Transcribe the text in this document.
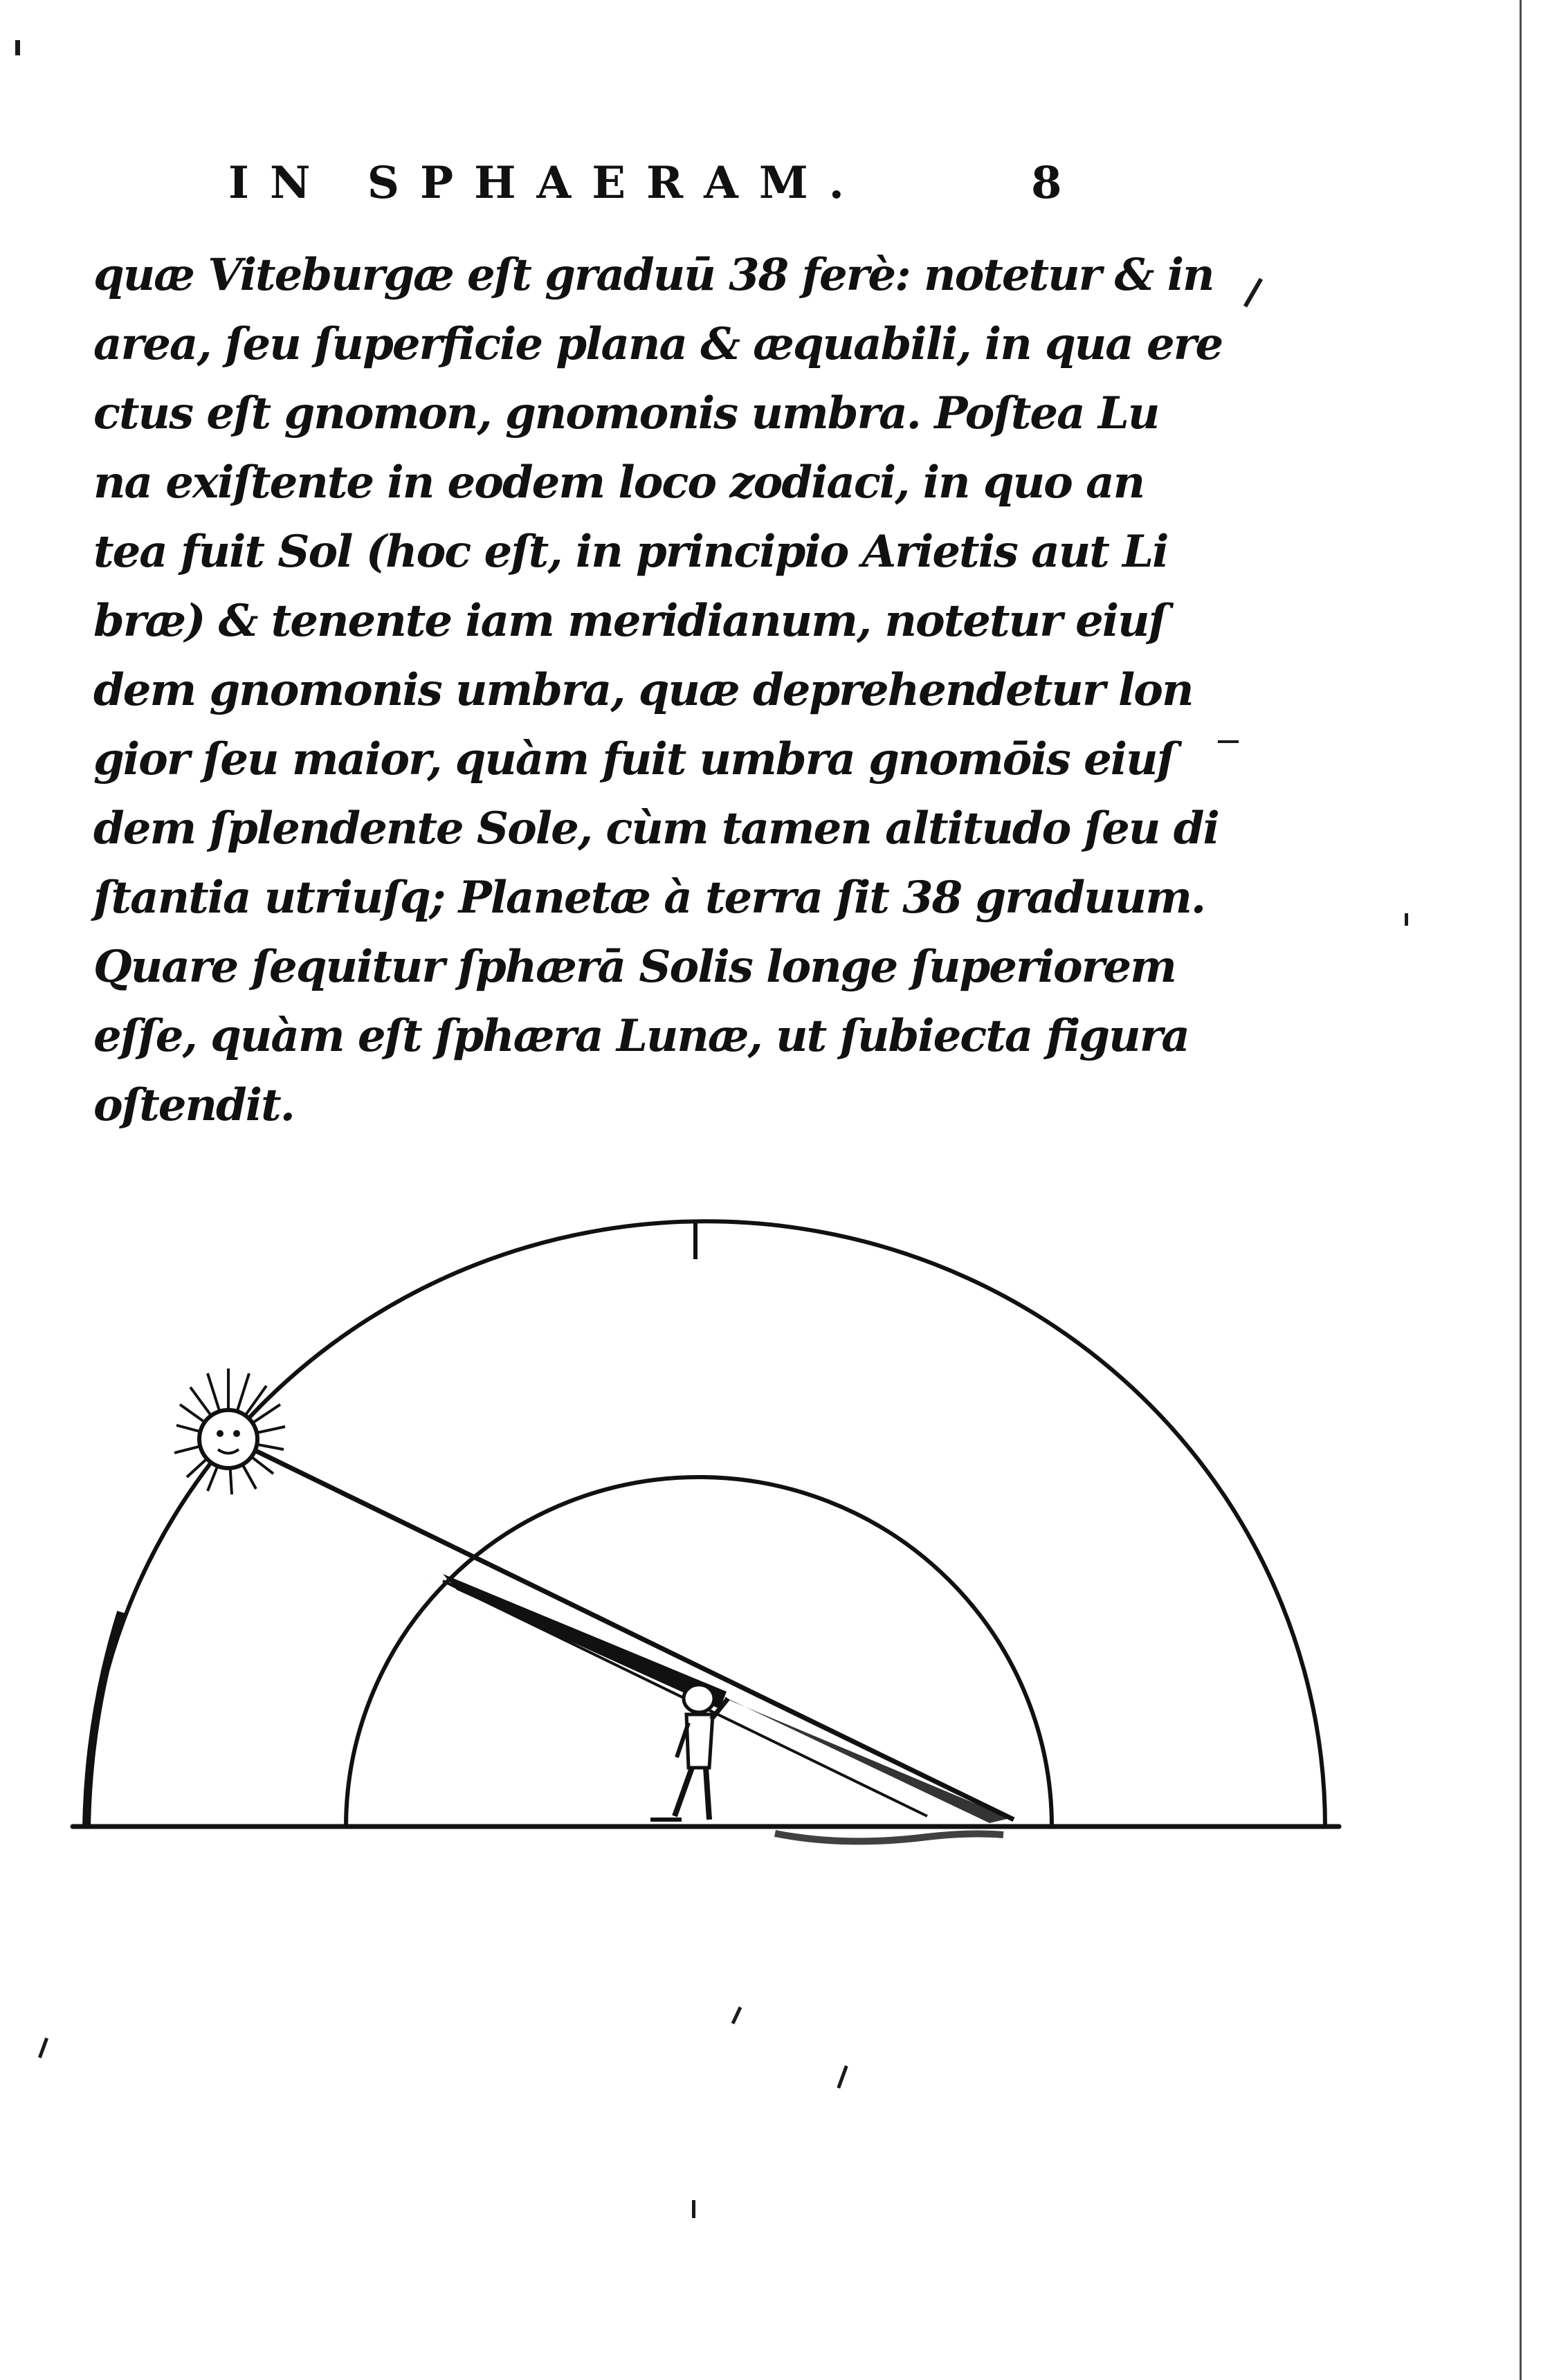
IN SPHAERAM.	8
quæ Viteburgæ eſt graduū 38 ferè: notetur & in
area, ſeu ſuperficie plana & æquabili, in qua ere
ctus eſt gnomon, gnomonis umbra. Poſtea Lu
na exiſtente in eodem loco zodiaci, in quo an
tea fuit Sol (hoc eſt, in principio Arietis aut Li
bræ) & tenente iam meridianum, notetur eiuſ
dem gnomonis umbra, quæ deprehendetur lon
gior ſeu maior, quàm fuit umbra gnomōis eiuſ
dem ſplendente Sole, cùm tamen altitudo ſeu di
ſtantia utriuſq; Planetæ à terra ſit 38 graduum.
Quare ſequitur ſphærā Solis longe ſuperiorem
eſſe, quàm eſt ſphæra Lunæ, ut ſubiecta figura
oſtendit.
